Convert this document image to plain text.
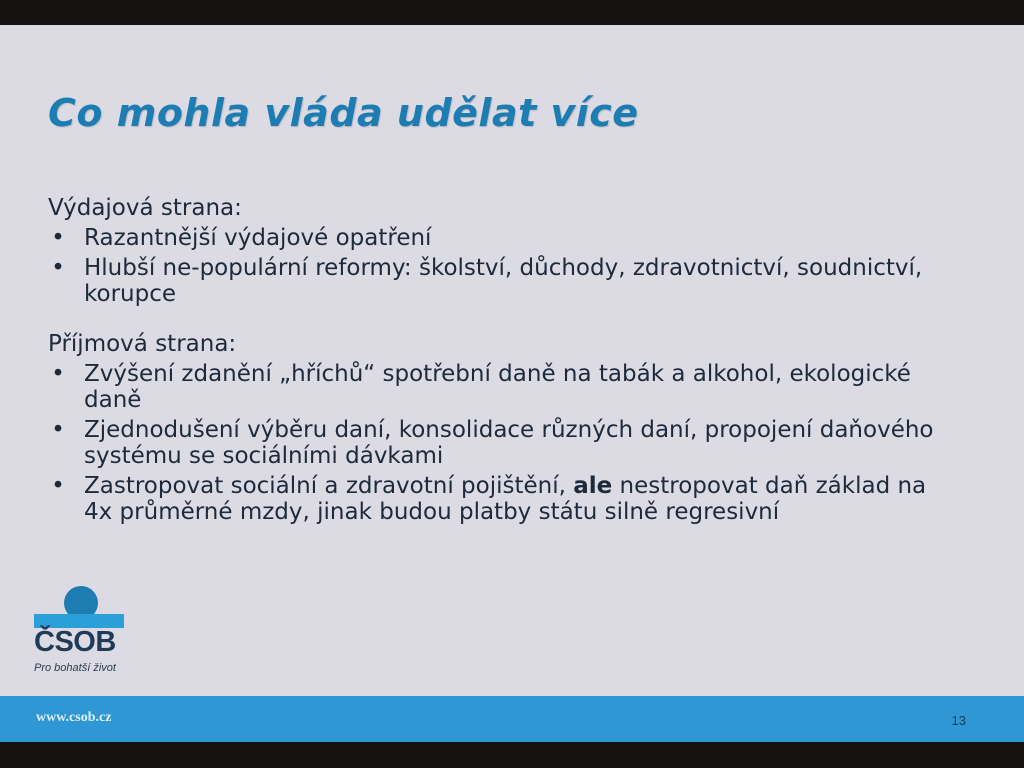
Co mohla vláda udělat více
Výdajová strana:
• Razantnější výdajové opatření
• Hlubší ne-populární reformy: školství, důchody, zdravotnictví, soudnictví, korupce
Příjmová strana:
• Zvýšení zdanění „hříchů“ spotřební daně na tabák a alkohol, ekologické daně
• Zjednodušení výběru daní, konsolidace různých daní, propojení daňového systému se sociálními dávkami
• Zastropovat sociální a zdravotní pojištění, ale nestropovat daň základ na 4x průměrné mzdy, jinak budou platby státu silně regresivní
ČSOB
Pro bohatší život
www.csob.cz	13
